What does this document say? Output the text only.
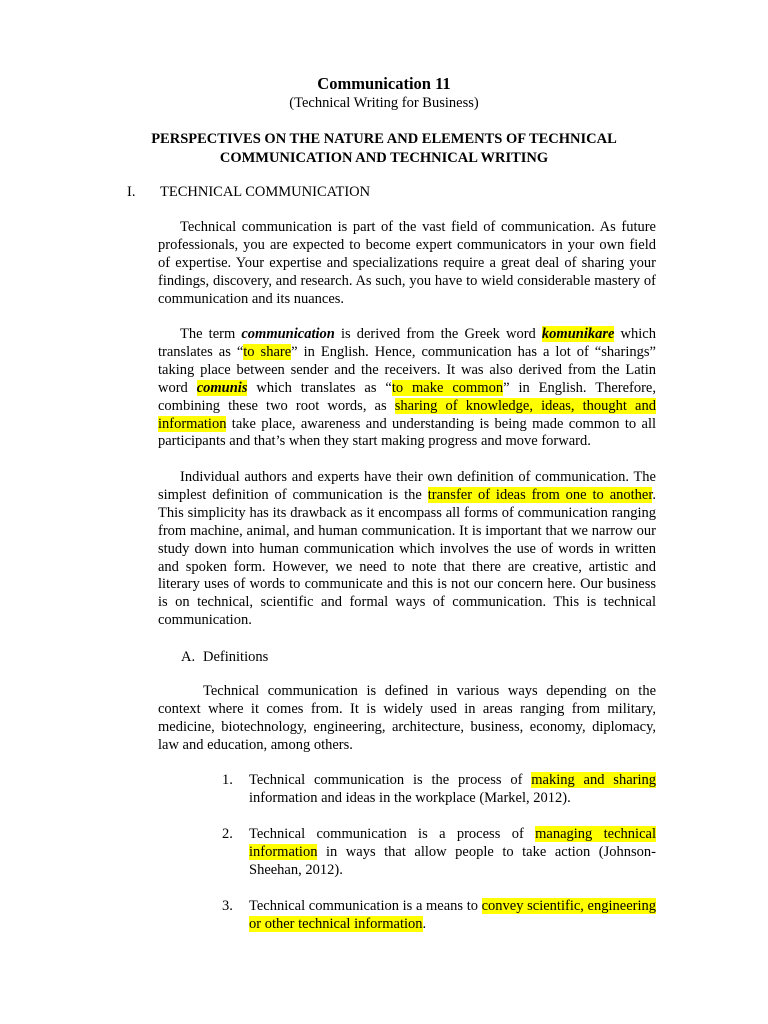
Communication 11
(Technical Writing for Business)
PERSPECTIVES ON THE NATURE AND ELEMENTS OF TECHNICAL COMMUNICATION AND TECHNICAL WRITING
I. TECHNICAL COMMUNICATION

Technical communication is part of the vast field of communication. As future professionals, you are expected to become expert communicators in your own field of expertise. Your expertise and specializations require a great deal of sharing your findings, discovery, and research. As such, you have to wield considerable mastery of communication and its nuances.

The term communication is derived from the Greek word komunikare which translates as “to share” in English. Hence, communication has a lot of “sharings” taking place between sender and the receivers. It was also derived from the Latin word comunis which translates as “to make common” in English. Therefore, combining these two root words, as sharing of knowledge, ideas, thought and information take place, awareness and understanding is being made common to all participants and that’s when they start making progress and move forward.

Individual authors and experts have their own definition of communication. The simplest definition of communication is the transfer of ideas from one to another. This simplicity has its drawback as it encompass all forms of communication ranging from machine, animal, and human communication. It is important that we narrow our study down into human communication which involves the use of words in written and spoken form. However, we need to note that there are creative, artistic and literary uses of words to communicate and this is not our concern here. Our business is on technical, scientific and formal ways of communication. This is technical communication.

A. Definitions

Technical communication is defined in various ways depending on the context where it comes from. It is widely used in areas ranging from military, medicine, biotechnology, engineering, architecture, business, economy, diplomacy, law and education, among others.

1.	Technical communication is the process of making and sharing information and ideas in the workplace (Markel, 2012).
2.	Technical communication is a process of managing technical information in ways that allow people to take action (Johnson-Sheehan, 2012).
3.	Technical communication is a means to convey scientific, engineering or other technical information.
